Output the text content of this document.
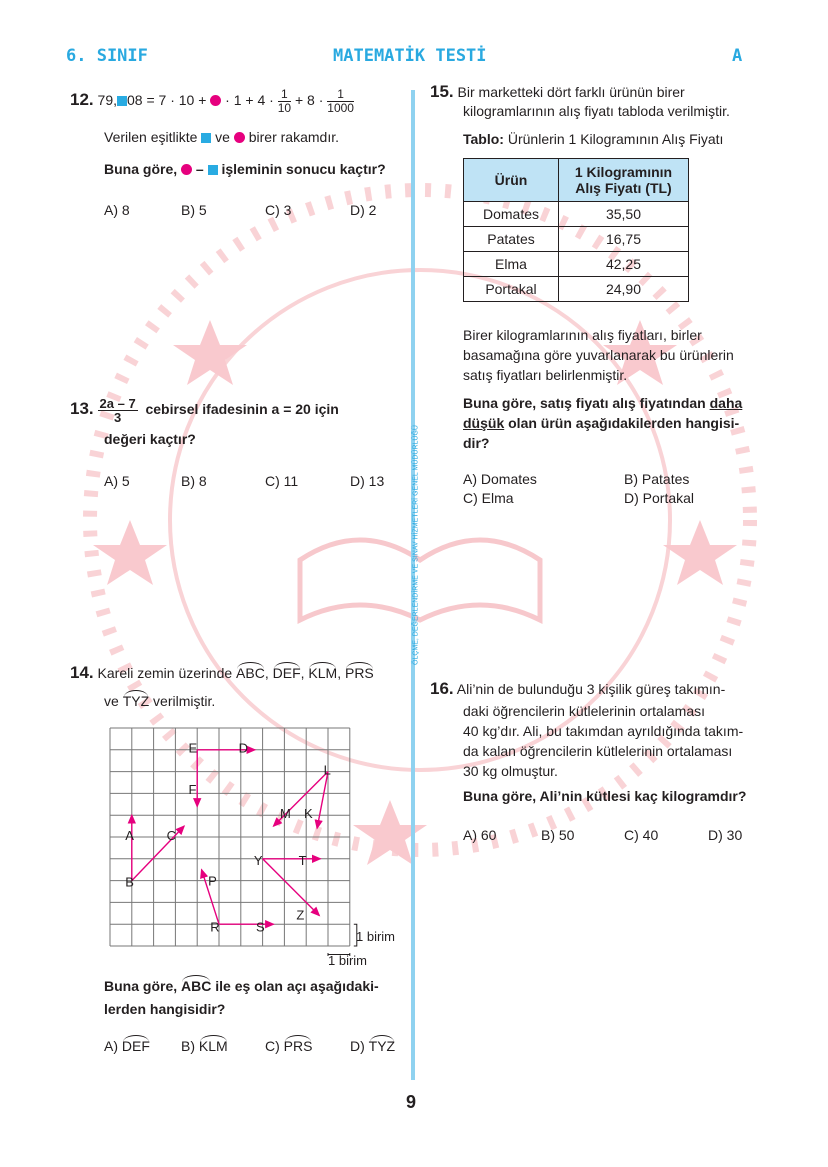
6. SINIF	MATEMATİK TESTİ	A
ÖLÇME, DEĞERLENDİRME VE SINAV HİZMETLERİ GENEL MÜDÜRLÜĞÜ
12. 79, 08 = 7 · 10 +  · $1 + 4 \cdot \frac{1}{10} + 8 \cdot \frac{1}{1000}$
Verilen eşitlikte  ve  birer rakamdır.
Buna göre,  –  işleminin sonucu kaçtır?
A) 8	B) 5	C) 3	D) 2
13. $\frac{2a - 7}{3}$ cebirsel ifadesinin a = 20 için
değeri kaçtır?
A) 5	B) 8	C) 11	D) 13
14. Kareli zemin üzerinde ABC, DEF, KLM, PRS
ve TYZ verilmiştir.
E	D
F
L
M K
A	C
B
Y	T
P
Z
R	S
1 birim
1 birim
Buna göre, ABC ile eş olan açı aşağıdaki-
lerden hangisidir?
A) DEF B) KLM	C) PRS	D) TYZ
15. Bir marketteki dört farklı ürünün birer
kilogramlarının alış fiyatı tabloda verilmiştir.
Tablo: Ürünlerin 1 Kilogramının Alış Fiyatı
Ürün	1 Kilogramının
Alış Fiyatı (TL)
Domates	35,50
Patates	16,75
Elma	42,25
Portakal	24,90
Birer kilogramlarının alış fiyatları, birler
basamağına göre yuvarlanarak bu ürünlerin
satış fiyatları belirlenmiştir.
Buna göre, satış fiyatı alış fiyatından daha
düşük olan ürün aşağıdakilerden hangisi-
dir?
A) Domates	B) Patates
C) Elma	D) Portakal
16. Ali’nin de bulunduğu 3 kişilik güreş takımın-
daki öğrencilerin kütlelerinin ortalaması
40 kg’dır. Ali, bu takımdan ayrıldığında takım-
da kalan öğrencilerin kütlelerinin ortalaması
30 kg olmuştur.
Buna göre, Ali’nin kütlesi kaç kilogramdır?
A) 60	B) 50	C) 40	D) 30
9
